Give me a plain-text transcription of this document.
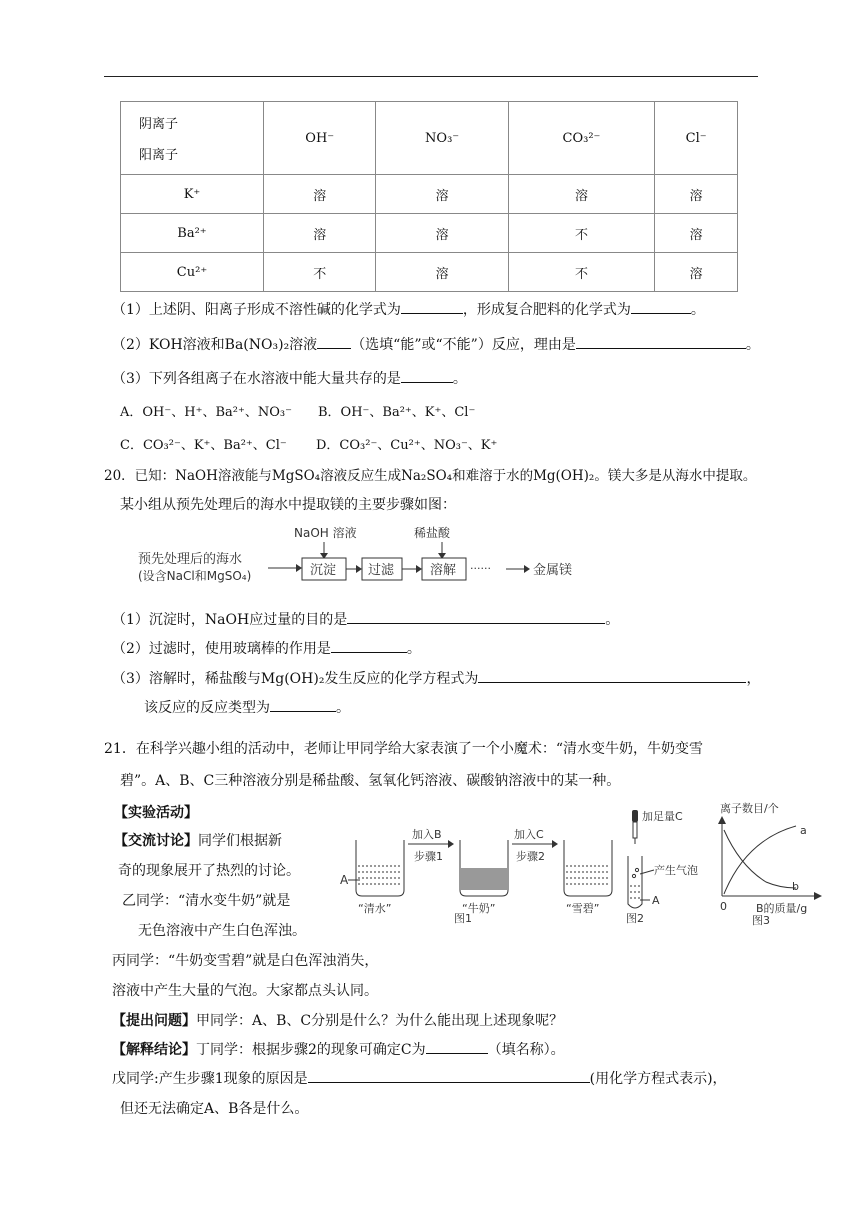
阴离子
阳离子	OH⁻	NO₃⁻	CO₃²⁻	Cl⁻
K⁺	溶	溶	溶	溶
Ba²⁺	溶	溶	不	溶
Cu²⁺	不	溶	不	溶
（1）上述阴、阳离子形成不溶性碱的化学式为	，形成复合肥料的化学式为	。
（2）KOH溶液和Ba(NO₃)₂溶液 （选填“能”或“不能”）反应，理由是	。
（3）下列各组离子在水溶液中能大量共存的是	。
A．OH⁻、H⁺、Ba²⁺、NO₃⁻ B．OH⁻、Ba²⁺、K⁺、Cl⁻
C．CO₃²⁻、K⁺、Ba²⁺、Cl⁻ D．CO₃²⁻、Cu²⁺、NO₃⁻、K⁺
20．已知：NaOH溶液能与MgSO₄溶液反应生成Na₂SO₄和难溶于水的Mg(OH)₂。镁大多是从海水中提取。
某小组从预先处理后的海水中提取镁的主要步骤如图：
预先处理后的海水
(设含NaCl和MgSO₄)
NaOH 溶液
沉淀 过滤
稀盐酸
溶解 ······	金属镁
（1）沉淀时，NaOH应过量的目的是	。
（2）过滤时，使用玻璃棒的作用是	。
（3）溶解时，稀盐酸与Mg(OH)₂发生反应的化学方程式为	，
该反应的反应类型为	。
21．在科学兴趣小组的活动中，老师让甲同学给大家表演了一个小魔术：“清水变牛奶，牛奶变雪
碧”。A、B、C三种溶液分别是稀盐酸、氢氧化钙溶液、碳酸钠溶液中的某一种。
【实验活动】
【交流讨论】同学们根据新
奇的现象展开了热烈的讨论。
乙同学：“清水变牛奶”就是
无色溶液中产生白色浑浊。
丙同学：“牛奶变雪碧”就是白色浑浊消失，
溶液中产生大量的气泡。大家都点头认同。
【提出问题】甲同学：A、B、C分别是什么？为什么能出现上述现象呢？
【解释结论】丁同学：根据步骤2的现象可确定C为	（填名称）。
戊同学:产生步骤1现象的原因是	(用化学方程式表示)，
但还无法确定A、B各是什么。
A
“清水”
加入B
步骤1
“牛奶”
加入C
步骤2
“雪碧”
图1
加足量C
产生气泡
A
图2
离子数目/个
B的质量/g
0
a
b
图3
